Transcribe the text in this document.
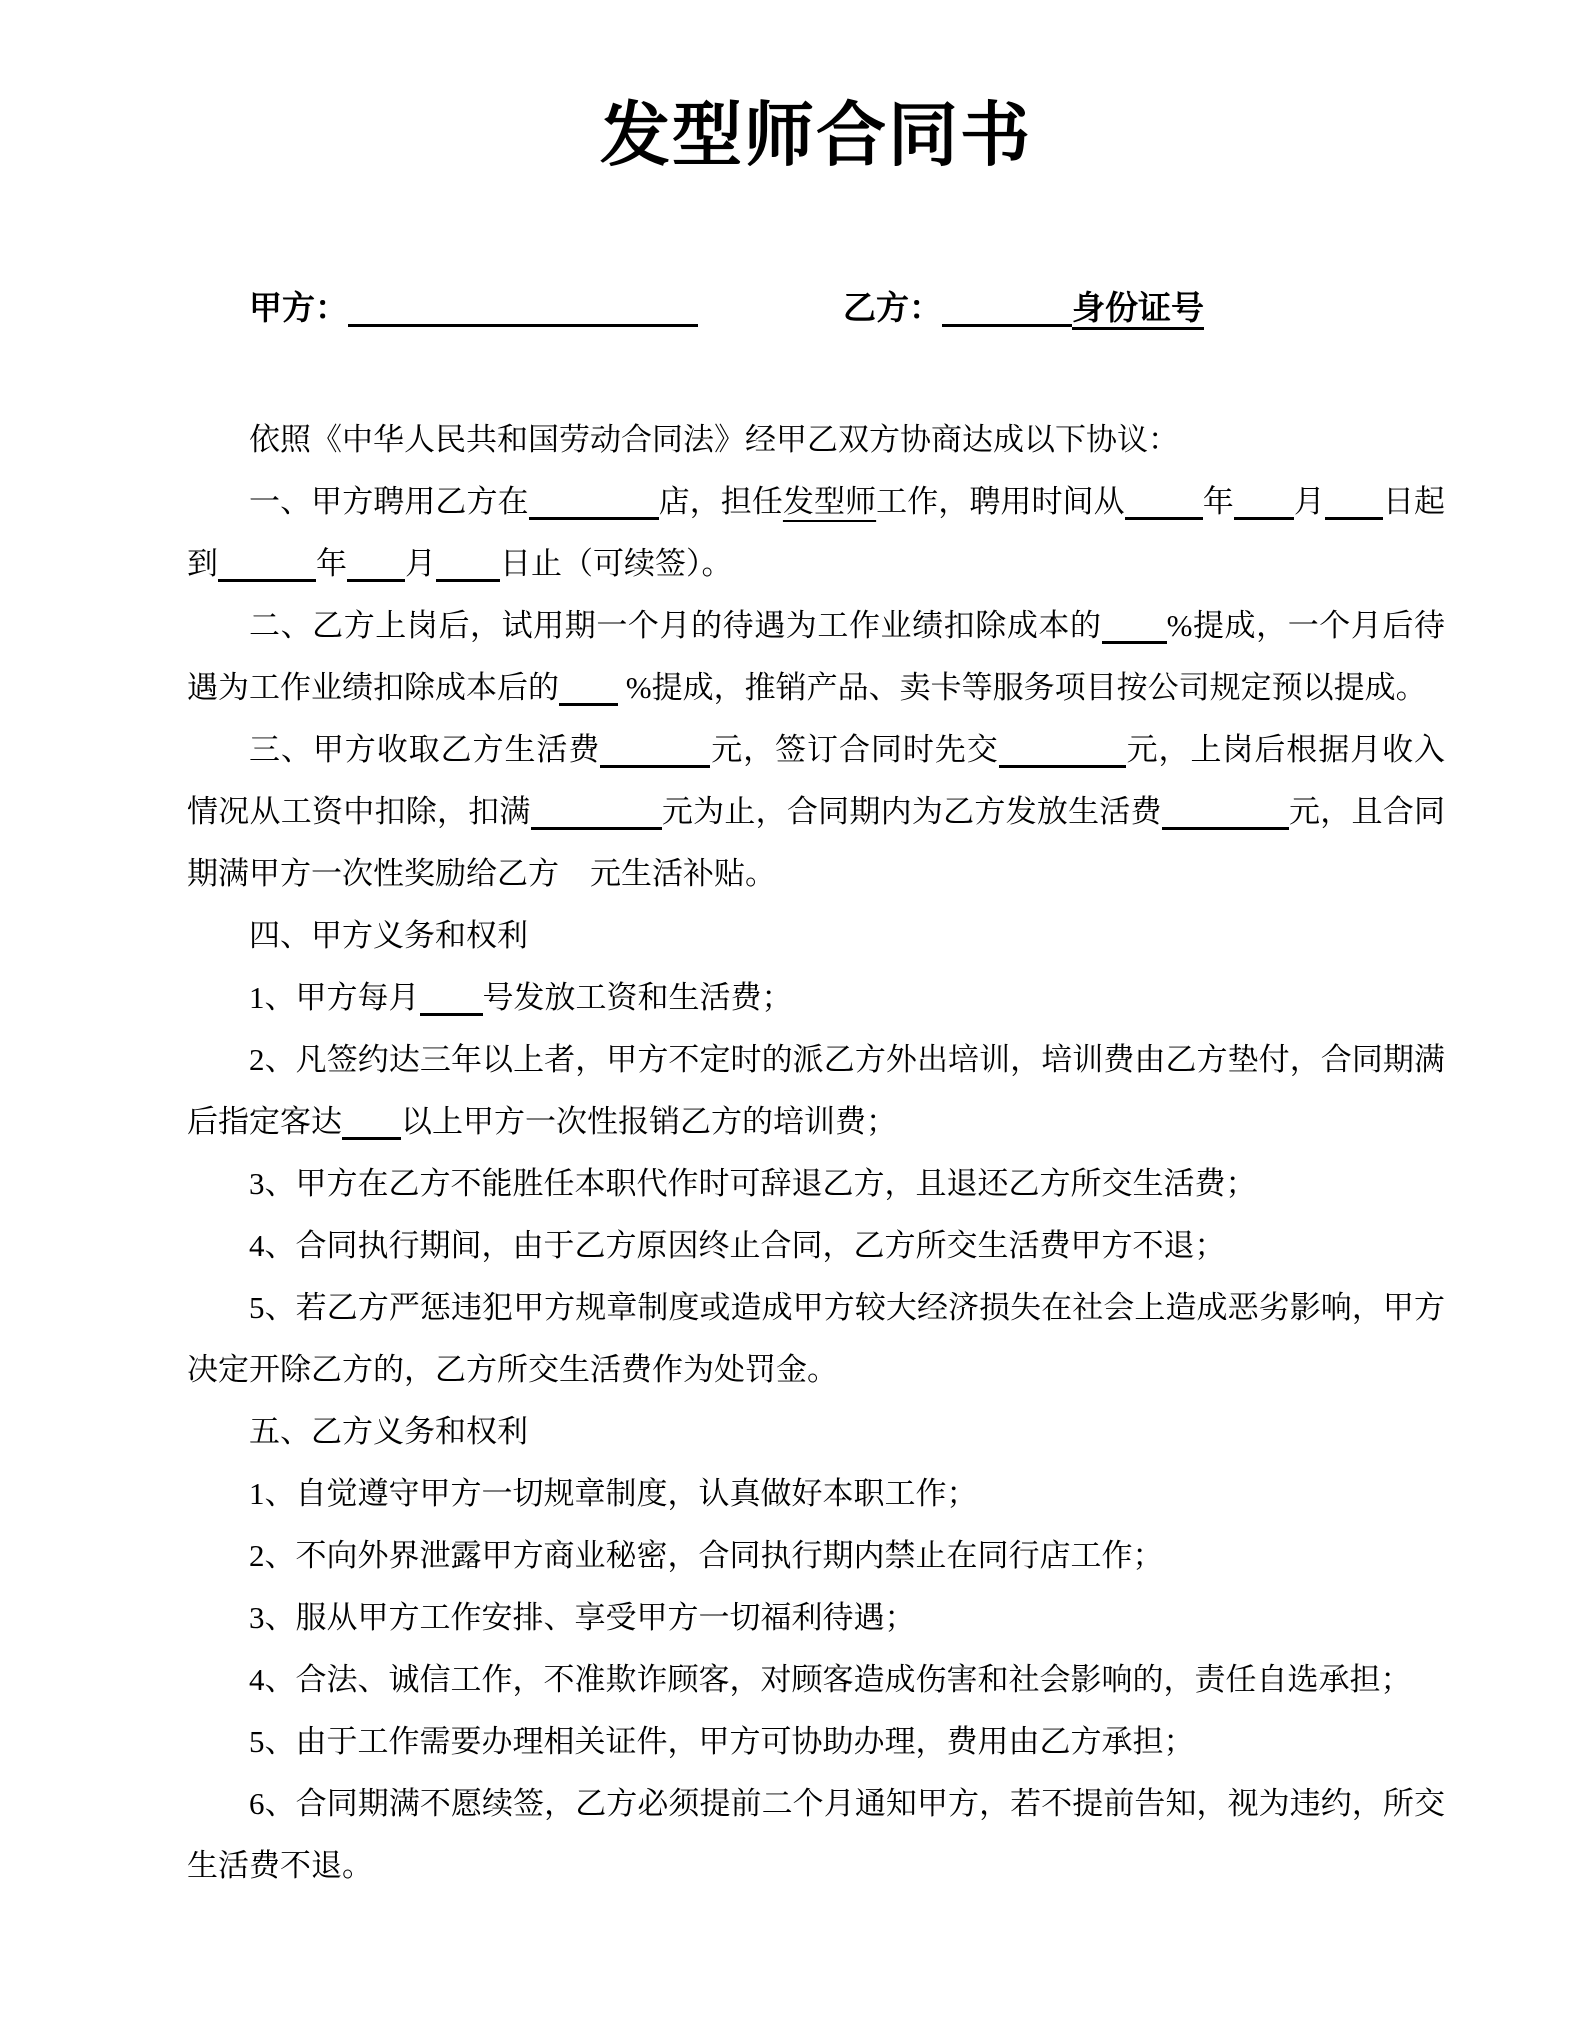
发型师合同书

甲方：	乙方：	身份证号

依照《中华人民共和国劳动合同法》经甲乙双方协商达成以下协议：

一、甲方聘用乙方在	店，担任发型师工作，聘用时间从	年 月 日起到	年 月 日止（可续签）。

二、乙方上岗后，试用期一个月的待遇为工作业绩扣除成本的 %提成，一个月后待遇为工作业绩扣除成本后的 %提成，推销产品、卖卡等服务项目按公司规定预以提成。

三、甲方收取乙方生活费	元，签订合同时先交	元，上岗后根据月收入情况从工资中扣除，扣满	元为止，合同期内为乙方发放生活费	元，且合同期满甲方一次性奖励给乙方　元生活补贴。

四、甲方义务和权利

1、甲方每月 号发放工资和生活费；

2、凡签约达三年以上者，甲方不定时的派乙方外出培训，培训费由乙方垫付，合同期满后指定客达 以上甲方一次性报销乙方的培训费；

3、甲方在乙方不能胜任本职代作时可辞退乙方，且退还乙方所交生活费；

4、合同执行期间，由于乙方原因终止合同，乙方所交生活费甲方不退；

5、若乙方严惩违犯甲方规章制度或造成甲方较大经济损失在社会上造成恶劣影响，甲方决定开除乙方的，乙方所交生活费作为处罚金。

五、乙方义务和权利

1、自觉遵守甲方一切规章制度，认真做好本职工作；

2、不向外界泄露甲方商业秘密，合同执行期内禁止在同行店工作；

3、服从甲方工作安排、享受甲方一切福利待遇；

4、合法、诚信工作，不准欺诈顾客，对顾客造成伤害和社会影响的，责任自选承担；

5、由于工作需要办理相关证件，甲方可协助办理，费用由乙方承担；

6、合同期满不愿续签，乙方必须提前二个月通知甲方，若不提前告知，视为违约，所交生活费不退。
